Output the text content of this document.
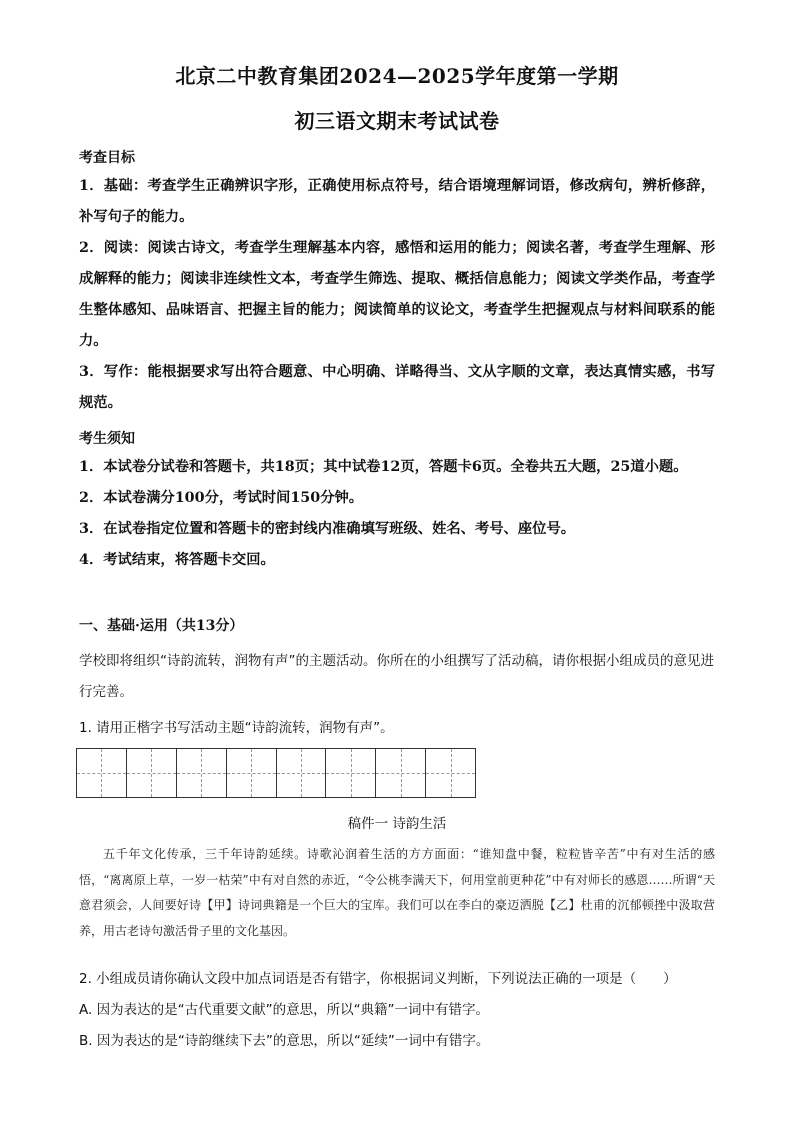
北京二中教育集团2024—2025学年度第一学期
初三语文期末考试试卷
考查目标

1．基础：考查学生正确辨识字形，正确使用标点符号，结合语境理解词语，修改病句，辨析修辞，补写句子的能力。

2．阅读：阅读古诗文，考查学生理解基本内容，感悟和运用的能力；阅读名著，考查学生理解、形成解释的能力；阅读非连续性文本，考查学生筛选、提取、概括信息能力；阅读文学类作品，考查学生整体感知、品味语言、把握主旨的能力；阅读简单的议论文，考查学生把握观点与材料间联系的能力。

3．写作：能根据要求写出符合题意、中心明确、详略得当、文从字顺的文章，表达真情实感，书写规范。

考生须知

1．本试卷分试卷和答题卡，共18页；其中试卷12页，答题卡6页。全卷共五大题，25道小题。

2．本试卷满分100分，考试时间150分钟。

3．在试卷指定位置和答题卡的密封线内准确填写班级、姓名、考号、座位号。

4．考试结束，将答题卡交回。

一、基础·运用（共13分）

学校即将组织“诗韵流转，润物有声”的主题活动。你所在的小组撰写了活动稿，请你根据小组成员的意见进行完善。

1. 请用正楷字书写活动主题“诗韵流转，润物有声”。

稿件一 诗韵生活

五千年文化传承，三千年诗韵延续。诗歌沁润着生活的方方面面：“谁知盘中餐，粒粒皆辛苦”中有对生活的感悟，“离离原上草，一岁一枯荣”中有对自然的赤近，“令公桃李满天下，何用堂前更种花”中有对师长的感恩……所谓“天意君须会，人间要好诗【甲】诗词典籍是一个巨大的宝库。我们可以在李白的豪迈洒脱【乙】杜甫的沉郁顿挫中汲取营养，用古老诗句激活骨子里的文化基因。

2. 小组成员请你确认文段中加点词语是否有错字，你根据词义判断，下列说法正确的一项是（　　）

A. 因为表达的是“古代重要文献”的意思，所以“典籍”一词中有错字。

B. 因为表达的是“诗韵继续下去”的意思，所以“延续”一词中有错字。
